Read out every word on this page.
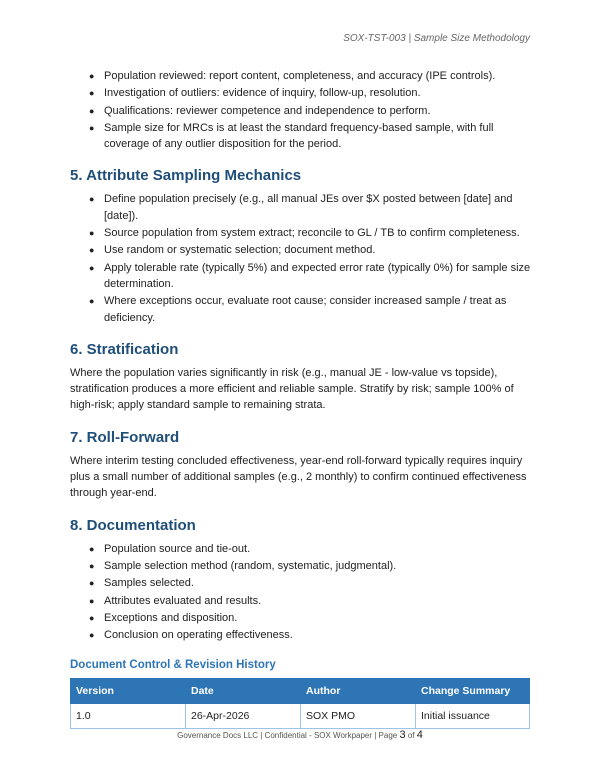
SOX-TST-003 | Sample Size Methodology
● Population reviewed: report content, completeness, and accuracy (IPE controls).
● Investigation of outliers: evidence of inquiry, follow-up, resolution.
● Qualifications: reviewer competence and independence to perform.
● Sample size for MRCs is at least the standard frequency-based sample, with full coverage of any outlier disposition for the period.
5. Attribute Sampling Mechanics
● Define population precisely (e.g., all manual JEs over $X posted between [date] and [date]).
● Source population from system extract; reconcile to GL / TB to confirm completeness.
● Use random or systematic selection; document method.
● Apply tolerable rate (typically 5%) and expected error rate (typically 0%) for sample size determination.
● Where exceptions occur, evaluate root cause; consider increased sample / treat as deficiency.
6. Stratification

Where the population varies significantly in risk (e.g., manual JE - low-value vs topside), stratification produces a more efficient and reliable sample. Stratify by risk; sample 100% of high-risk; apply standard sample to remaining strata.

7. Roll-Forward

Where interim testing concluded effectiveness, year-end roll-forward typically requires inquiry plus a small number of additional samples (e.g., 2 monthly) to confirm continued effectiveness through year-end.

8. Documentation
● Population source and tie-out.
● Sample selection method (random, systematic, judgmental).
● Samples selected.
● Attributes evaluated and results.
● Exceptions and disposition.
● Conclusion on operating effectiveness.
Document Control & Revision History
Version	Date	Author	Change Summary
1.0	26-Apr-2026	SOX PMO	Initial issuance
Governance Docs LLC | Confidential - SOX Workpaper | Page 3 of 4
